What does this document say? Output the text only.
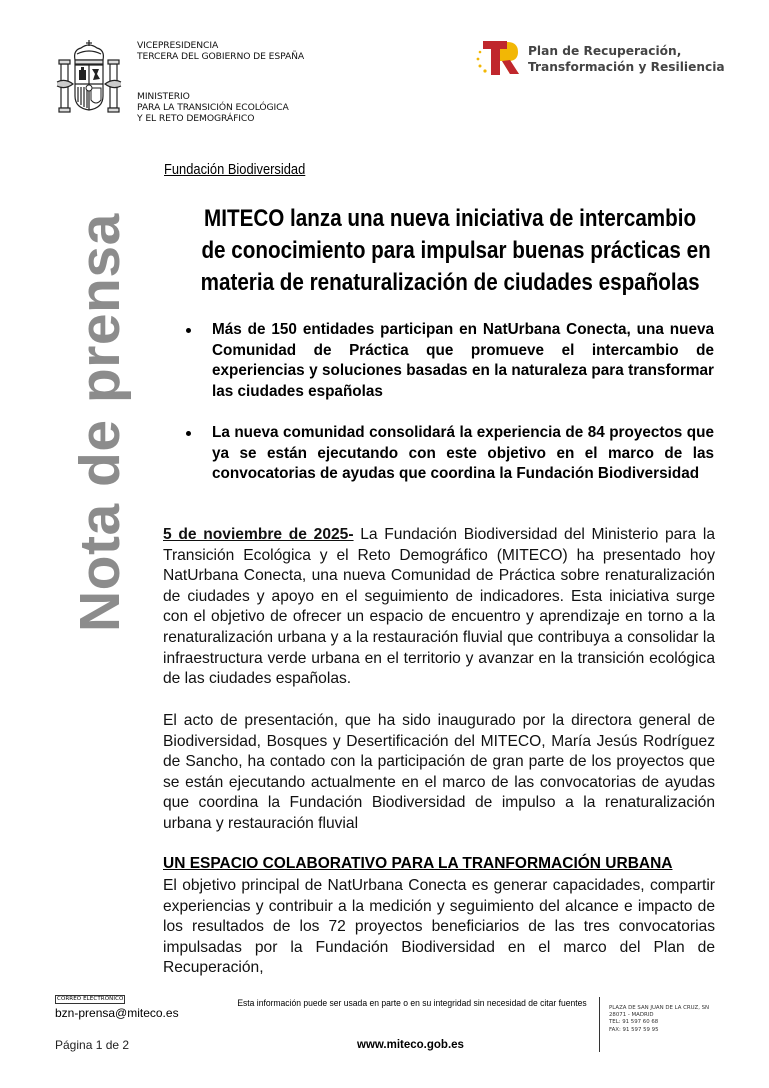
VICEPRESIDENCIA
TERCERA DEL GOBIERNO DE ESPAÑA
MINISTERIO
PARA LA TRANSICIÓN ECOLÓGICA
Y EL RETO DEMOGRÁFICO
Plan de Recuperación,
Transformación y Resiliencia
Nota de prensa
Fundación Biodiversidad
MITECO lanza una nueva iniciativa de intercambio
de conocimiento para impulsar buenas prácticas en
materia de renaturalización de ciudades españolas
Más de 150 entidades participan en NatUrbana Conecta, una nueva Comunidad de Práctica que promueve el intercambio de experiencias y soluciones basadas en la naturaleza para transformar las ciudades españolas
La nueva comunidad consolidará la experiencia de 84 proyectos que ya se están ejecutando con este objetivo en el marco de las convocatorias de ayudas que coordina la Fundación Biodiversidad
5 de noviembre de 2025- La Fundación Biodiversidad del Ministerio para la Transición Ecológica y el Reto Demográfico (MITECO) ha presentado hoy NatUrbana Conecta, una nueva Comunidad de Práctica sobre renaturalización de ciudades y apoyo en el seguimiento de indicadores. Esta iniciativa surge con el objetivo de ofrecer un espacio de encuentro y aprendizaje en torno a la renaturalización urbana y a la restauración fluvial que contribuya a consolidar la infraestructura verde urbana en el territorio y avanzar en la transición ecológica de las ciudades españolas.
El acto de presentación, que ha sido inaugurado por la directora general de Biodiversidad, Bosques y Desertificación del MITECO, María Jesús Rodríguez de Sancho, ha contado con la participación de gran parte de los proyectos que se están ejecutando actualmente en el marco de las convocatorias de ayudas que coordina la Fundación Biodiversidad de impulso a la renaturalización urbana y restauración fluvial
UN ESPACIO COLABORATIVO PARA LA TRANFORMACIÓN URBANA
El objetivo principal de NatUrbana Conecta es generar capacidades, compartir experiencias y contribuir a la medición y seguimiento del alcance e impacto de los resultados de los 72 proyectos beneficiarios de las tres convocatorias impulsadas por la Fundación Biodiversidad en el marco del Plan de Recuperación,
CORREO ELECTRÓNICO
bzn-prensa@miteco.es
Esta información puede ser usada en parte o en su integridad sin necesidad de citar fuentes	PLAZA DE SAN JUAN DE LA CRUZ, SN
28071 - MADRID
TEL: 91 597 60 68
FAX: 91 597 59 95
Página 1 de 2	www.miteco.gob.es
